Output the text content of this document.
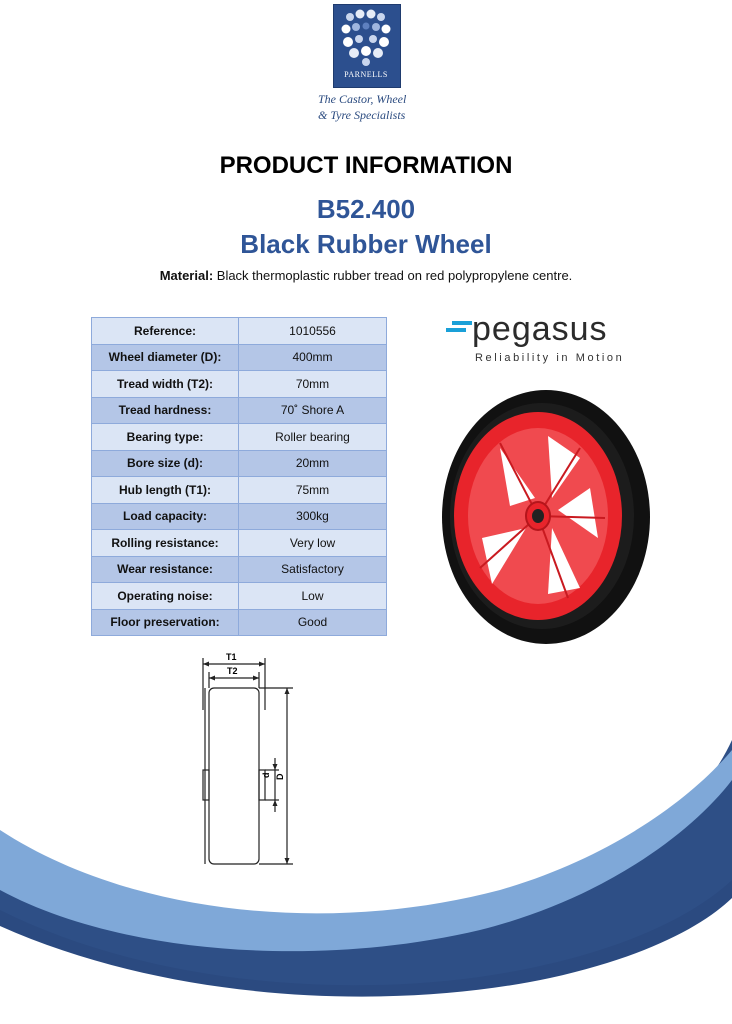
PARNELLS
The Castor, Wheel
& Tyre Specialists
PRODUCT INFORMATION
B52.400
Black Rubber Wheel
Material: Black thermoplastic rubber tread on red polypropylene centre.
Reference:	1010556
Wheel diameter (D):	400mm
Tread width (T2):	70mm
Tread hardness:	70˚ Shore A
Bearing type:	Roller bearing
Bore size (d):	20mm
Hub length (T1):	75mm
Load capacity:	300kg
Rolling resistance:	Very low
Wear resistance:	Satisfactory
Operating noise:	Low
Floor preservation:	Good
pegasus
Reliability in Motion
T1
T2
d D
